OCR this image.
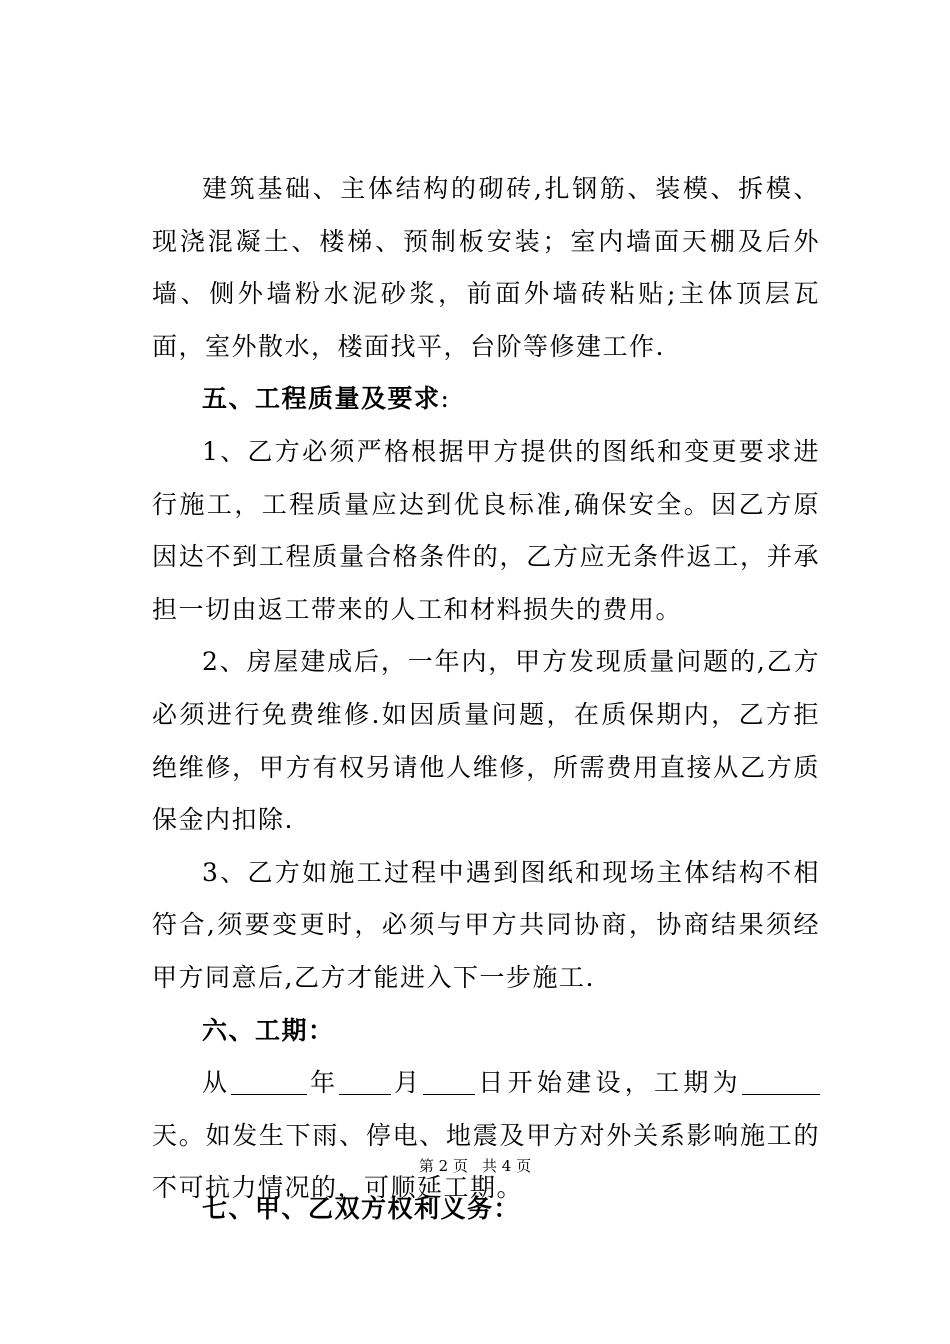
建筑基础、主体结构的砌砖,扎钢筋、装模、拆模、现浇混凝土、楼梯、预制板安装；室内墙面天棚及后外墙、侧外墙粉水泥砂浆，前面外墙砖粘贴;主体顶层瓦面，室外散水，楼面找平，台阶等修建工作.

五、工程质量及要求:

1、乙方必须严格根据甲方提供的图纸和变更要求进行施工，工程质量应达到优良标准,确保安全。因乙方原因达不到工程质量合格条件的，乙方应无条件返工，并承担一切由返工带来的人工和材料损失的费用。

2、房屋建成后，一年内，甲方发现质量问题的,乙方必须进行免费维修.如因质量问题，在质保期内，乙方拒绝维修，甲方有权另请他人维修，所需费用直接从乙方质保金内扣除.

3、乙方如施工过程中遇到图纸和现场主体结构不相符合,须要变更时，必须与甲方共同协商，协商结果须经甲方同意后,乙方才能进入下一步施工.

六、工期：

从	年 月 日开始建设，工期为天。如发生下雨、停电、地震及甲方对外关系影响施工的不可抗力情况的，可顺延工期。

第 2 页 共 4 页

七、甲、乙双方权利义务：
